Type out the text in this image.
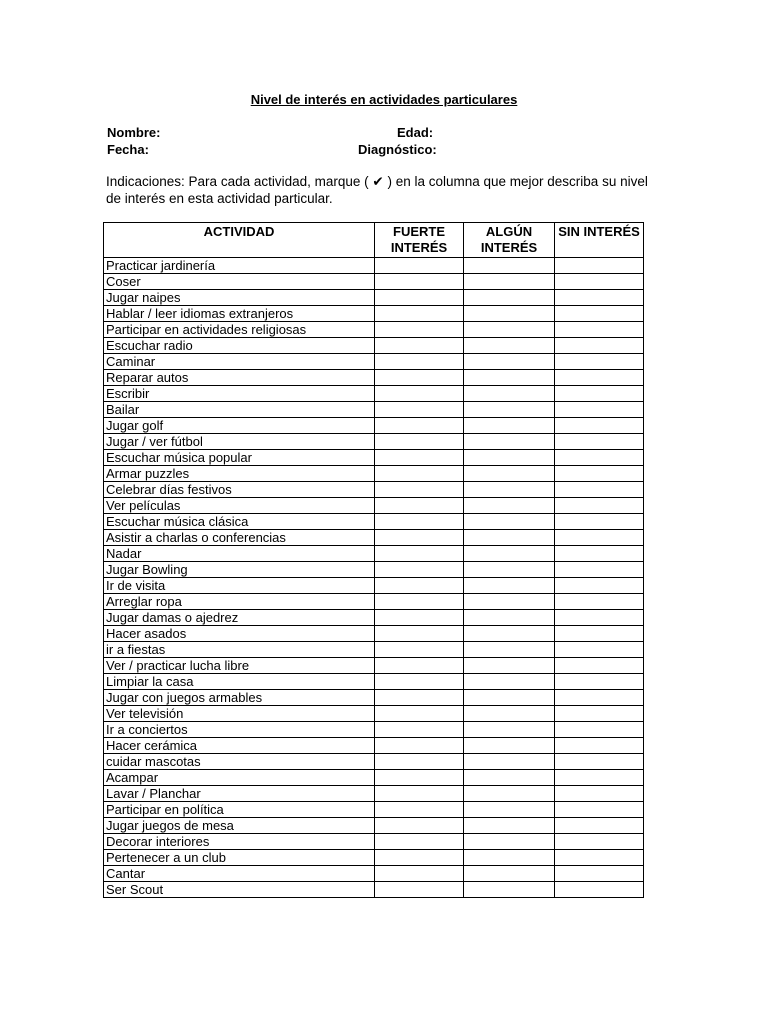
Nivel de interés en actividades particulares
Nombre:	Edad:
Fecha:	Diagnóstico:
Indicaciones: Para cada actividad, marque ( ✔ ) en la columna que mejor describa su nivel de interés en esta actividad particular.
ACTIVIDAD	FUERTE INTERÉS	ALGÚN INTERÉS	SIN INTERÉS
Practicar jardinería			
Coser			
Jugar naipes			
Hablar / leer idiomas extranjeros			
Participar en actividades religiosas			
Escuchar radio			
Caminar			
Reparar autos			
Escribir			
Bailar			
Jugar golf			
Jugar / ver fútbol			
Escuchar música popular			
Armar puzzles			
Celebrar días festivos			
Ver películas			
Escuchar música clásica			
Asistir a charlas o conferencias			
Nadar			
Jugar Bowling			
Ir de visita			
Arreglar ropa			
Jugar damas o ajedrez			
Hacer asados			
ir a fiestas			
Ver / practicar lucha libre			
Limpiar la casa			
Jugar con juegos armables			
Ver televisión			
Ir a conciertos			
Hacer cerámica			
cuidar mascotas			
Acampar			
Lavar / Planchar			
Participar en política			
Jugar juegos de mesa			
Decorar interiores			
Pertenecer a un club			
Cantar			
Ser Scout			
